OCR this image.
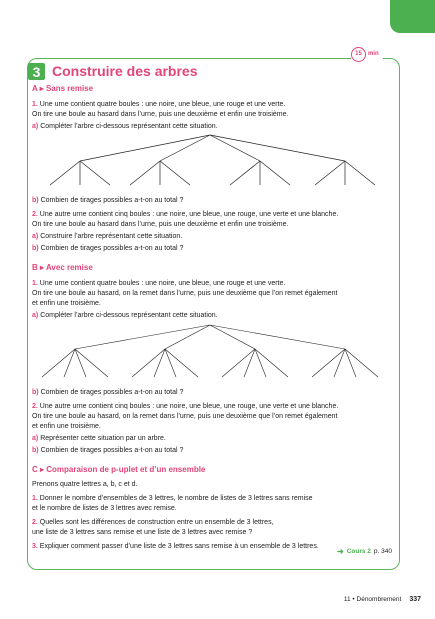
15 min
3 Construire des arbres
A ▸ Sans remise
1. Une urne contient quatre boules : une noire, une bleue, une rouge et une verte.
On tire une boule au hasard dans l’urne, puis une deuxième et enfin une troisième.
a) Compléter l’arbre ci-dessous représentant cette situation.
b) Combien de tirages possibles a-t-on au total ?
2. Une autre urne contient cinq boules : une noire, une bleue, une rouge, une verte et une blanche.
On tire une boule au hasard dans l’urne, puis une deuxième et enfin une troisième.
a) Construire l’arbre représentant cette situation.
b) Combien de tirages possibles a-t-on au total ?
B ▸ Avec remise
1. Une urne contient quatre boules : une noire, une bleue, une rouge et une verte.
On tire une boule au hasard, on la remet dans l’urne, puis une deuxième que l’on remet également
et enfin une troisième.
a) Compléter l’arbre ci-dessous représentant cette situation.
b) Combien de tirages possibles a-t-on au total ?
2. Une autre urne contient cinq boules : une noire, une bleue, une rouge, une verte et une blanche.
On tire une boule au hasard, on la remet dans l’urne, puis une deuxième que l’on remet également
et enfin une troisième.
a) Représenter cette situation par un arbre.
b) Combien de tirages possibles a-t-on au total ?
C ▸ Comparaison de p-uplet et d’un ensemble
Prenons quatre lettres a, b, c et d.
1. Donner le nombre d’ensembles de 3 lettres, le nombre de listes de 3 lettres sans remise
et le nombre de listes de 3 lettres avec remise.
2. Quelles sont les différences de construction entre un ensemble de 3 lettres,
une liste de 3 lettres sans remise et une liste de 3 lettres avec remise ?
3. Expliquer comment passer d’une liste de 3 lettres sans remise à un ensemble de 3 lettres.
➜ Cours 2 p. 340
11 • Dénombrement 337
